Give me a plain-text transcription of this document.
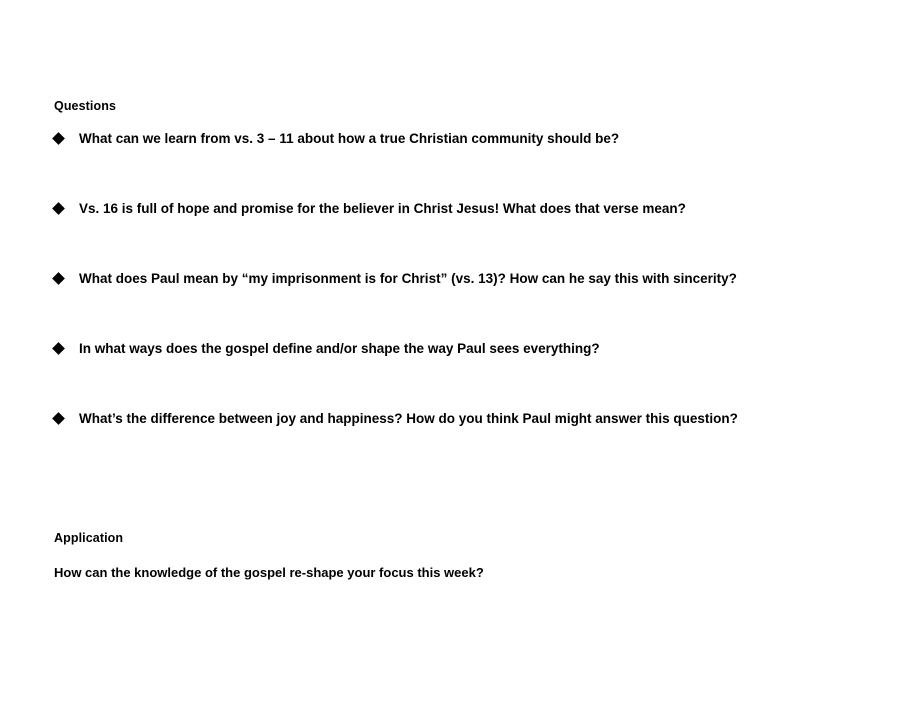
Questions
What can we learn from vs. 3 – 11 about how a true Christian community should be?
Vs. 16 is full of hope and promise for the believer in Christ Jesus! What does that verse mean?
What does Paul mean by “my imprisonment is for Christ” (vs. 13)? How can he say this with sincerity?
In what ways does the gospel define and/or shape the way Paul sees everything?
What’s the difference between joy and happiness? How do you think Paul might answer this question?
Application
How can the knowledge of the gospel re-shape your focus this week?
